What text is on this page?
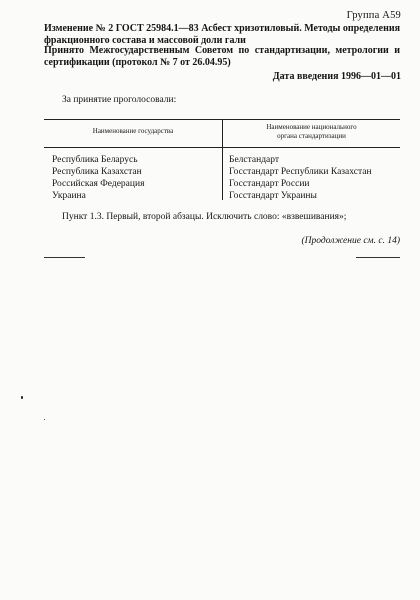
Группа А59
Изменение № 2 ГОСТ 25984.1—83 Асбест хризотиловый. Методы определения фракционного состава и массовой доли гали
Принято Межгосударственным Советом по стандартизации, метрологии и сертификации (протокол № 7 от 26.04.95)
Дата введения 1996—01—01
За принятие проголосовали:
Наименование государства	Наименование национального
органа стандартизации
Республика Беларусь
Республика Казахстан
Российская Федерация
Украина
Белстандарт
Госстандарт Республики Казахстан
Госстандарт России
Госстандарт Украины
Пункт 1.3. Первый, второй абзацы. Исключить слово: «взвешивания»;
(Продолжение см. с. 14)
